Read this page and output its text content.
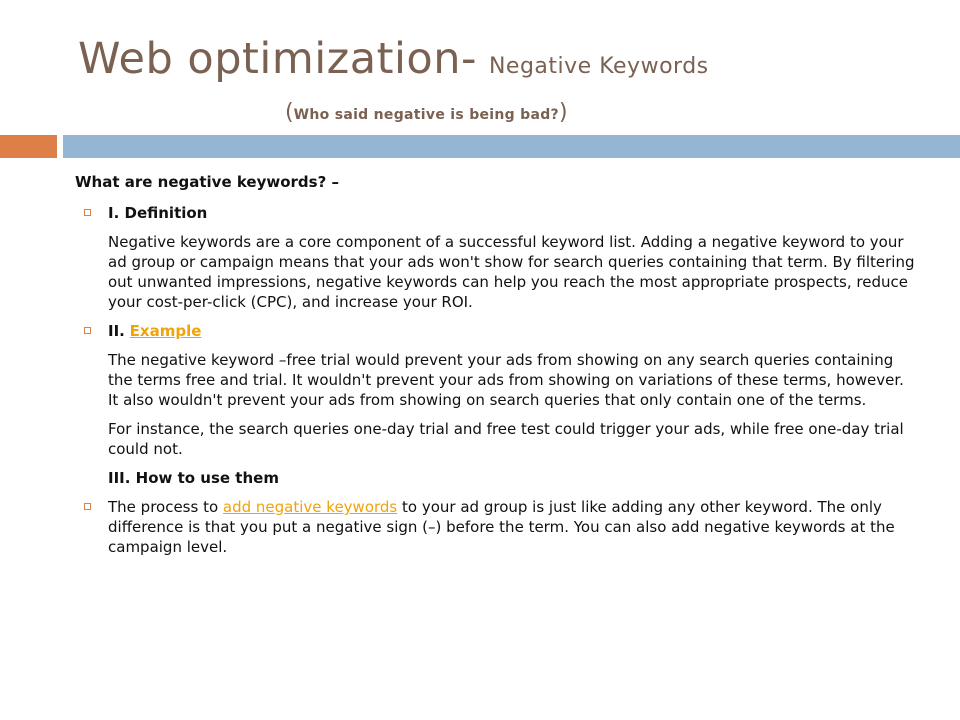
Web optimization- Negative Keywords
(Who said negative is being bad?)
What are negative keywords? –
I. Definition
Negative keywords are a core component of a successful keyword list. Adding a negative keyword to your ad group or campaign means that your ads won't show for search queries containing that term. By filtering out unwanted impressions, negative keywords can help you reach the most appropriate prospects, reduce your cost-per-click (CPC), and increase your ROI.
II. Example
The negative keyword –free trial would prevent your ads from showing on any search queries containing the terms free and trial. It wouldn't prevent your ads from showing on variations of these terms, however. It also wouldn't prevent your ads from showing on search queries that only contain one of the terms.
For instance, the search queries one-day trial and free test could trigger your ads, while free one-day trial could not.
III. How to use them
The process to add negative keywords to your ad group is just like adding any other keyword. The only difference is that you put a negative sign (–) before the term. You can also add negative keywords at the campaign level.
